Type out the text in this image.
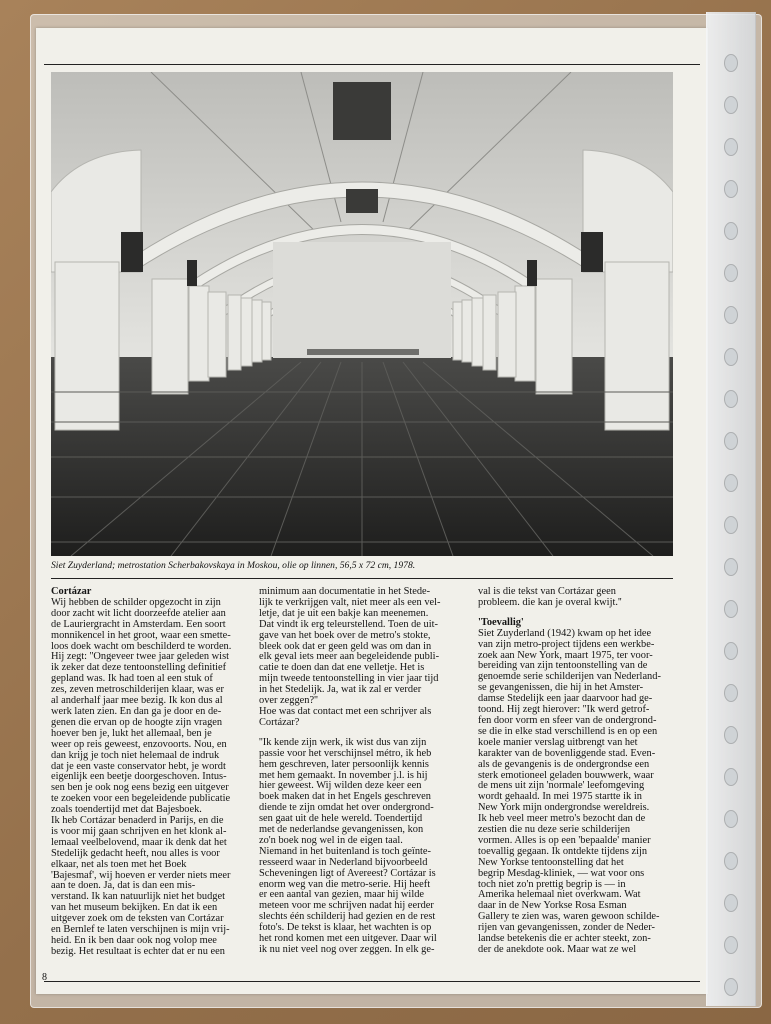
8
Siet Zuyderland; metrostation Scherbakovskaya in Moskou, olie op linnen, 56,5 x 72 cm, 1978.
Cortázar
Wij hebben de schilder opgezocht in zijn
door zacht wit licht doorzeefde atelier aan
de Lauriergracht in Amsterdam. Een soort
monnikencel in het groot, waar een smette-
loos doek wacht om beschilderd te worden.
Hij zegt: ''Ongeveer twee jaar geleden wist
ik zeker dat deze tentoonstelling definitief
gepland was. Ik had toen al een stuk of
zes, zeven metroschilderijen klaar, was er
al anderhalf jaar mee bezig. Ik kon dus al
werk laten zien. En dan ga je door en de-
genen die ervan op de hoogte zijn vragen
hoever ben je, lukt het allemaal, ben je
weer op reis geweest, enzovoorts. Nou, en
dan krijg je toch niet helemaal de indruk
dat je een vaste conservator hebt, je wordt
eigenlijk een beetje doorgeschoven. Intus-
sen ben je ook nog eens bezig een uitgever
te zoeken voor een begeleidende publicatie
zoals toendertijd met dat Bajesboek.
Ik heb Cortázar benaderd in Parijs, en die
is voor mij gaan schrijven en het klonk al-
lemaal veelbelovend, maar ik denk dat het
Stedelijk gedacht heeft, nou alles is voor
elkaar, net als toen met het Boek
'Bajesmaf', wij hoeven er verder niets meer
aan te doen. Ja, dat is dan een mis-
verstand. Ik kan natuurlijk niet het budget
van het museum bekijken. En dat ik een
uitgever zoek om de teksten van Cortázar
en Bernlef te laten verschijnen is mijn vrij-
heid. En ik ben daar ook nog volop mee
bezig. Het resultaat is echter dat er nu een
minimum aan documentatie in het Stede-
lijk te verkrijgen valt, niet meer als een vel-
letje, dat je uit een bakje kan meenemen.
Dat vindt ik erg teleurstellend. Toen de uit-
gave van het boek over de metro's stokte,
bleek ook dat er geen geld was om dan in
elk geval iets meer aan begeleidende publi-
catie te doen dan dat ene velletje. Het is
mijn tweede tentoonstelling in vier jaar tijd
in het Stedelijk. Ja, wat ik zal er verder
over zeggen?''
Hoe was dat contact met een schrijver als
Cortázar?
''Ik kende zijn werk, ik wist dus van zijn
passie voor het verschijnsel métro, ik heb
hem geschreven, later persoonlijk kennis
met hem gemaakt. In november j.l. is hij
hier geweest. Wij wilden deze keer een
boek maken dat in het Engels geschreven
diende te zijn omdat het over ondergrond-
sen gaat uit de hele wereld. Toendertijd
met de nederlandse gevangenissen, kon
zo'n boek nog wel in de eigen taal.
Niemand in het buitenland is toch geïnte-
resseerd waar in Nederland bijvoorbeeld
Scheveningen ligt of Avereest? Cortázar is
enorm weg van die metro-serie. Hij heeft
er een aantal van gezien, maar hij wilde
meteen voor me schrijven nadat hij eerder
slechts één schilderij had gezien en de rest
foto's. De tekst is klaar, het wachten is op
het rond komen met een uitgever. Daar wil
ik nu niet veel nog over zeggen. In elk ge-
val is die tekst van Cortázar geen
probleem. die kan je overal kwijt.''
'Toevallig'
Siet Zuyderland (1942) kwam op het idee
van zijn metro-project tijdens een werkbe-
zoek aan New York, maart 1975, ter voor-
bereiding van zijn tentoonstelling van de
genoemde serie schilderijen van Nederland-
se gevangenissen, die hij in het Amster-
damse Stedelijk een jaar daarvoor had ge-
toond. Hij zegt hierover: ''Ik werd getrof-
fen door vorm en sfeer van de ondergrond-
se die in elke stad verschillend is en op een
koele manier verslag uitbrengt van het
karakter van de bovenliggende stad. Even-
als de gevangenis is de ondergrondse een
sterk emotioneel geladen bouwwerk, waar
de mens uit zijn 'normale' leefomgeving
wordt gehaald. In mei 1975 startte ik in
New York mijn ondergrondse wereldreis.
Ik heb veel meer metro's bezocht dan de
zestien die nu deze serie schilderijen
vormen. Alles is op een 'bepaalde' manier
toevallig gegaan. Ik ontdekte tijdens zijn
New Yorkse tentoonstelling dat het
begrip Mesdag-kliniek, — wat voor ons
toch niet zo'n prettig begrip is — in
Amerika helemaal niet overkwam. Wat
daar in de New Yorkse Rosa Esman
Gallery te zien was, waren gewoon schilde-
rijen van gevangenissen, zonder de Neder-
landse betekenis die er achter steekt, zon-
der de anekdote ook. Maar wat ze wel
